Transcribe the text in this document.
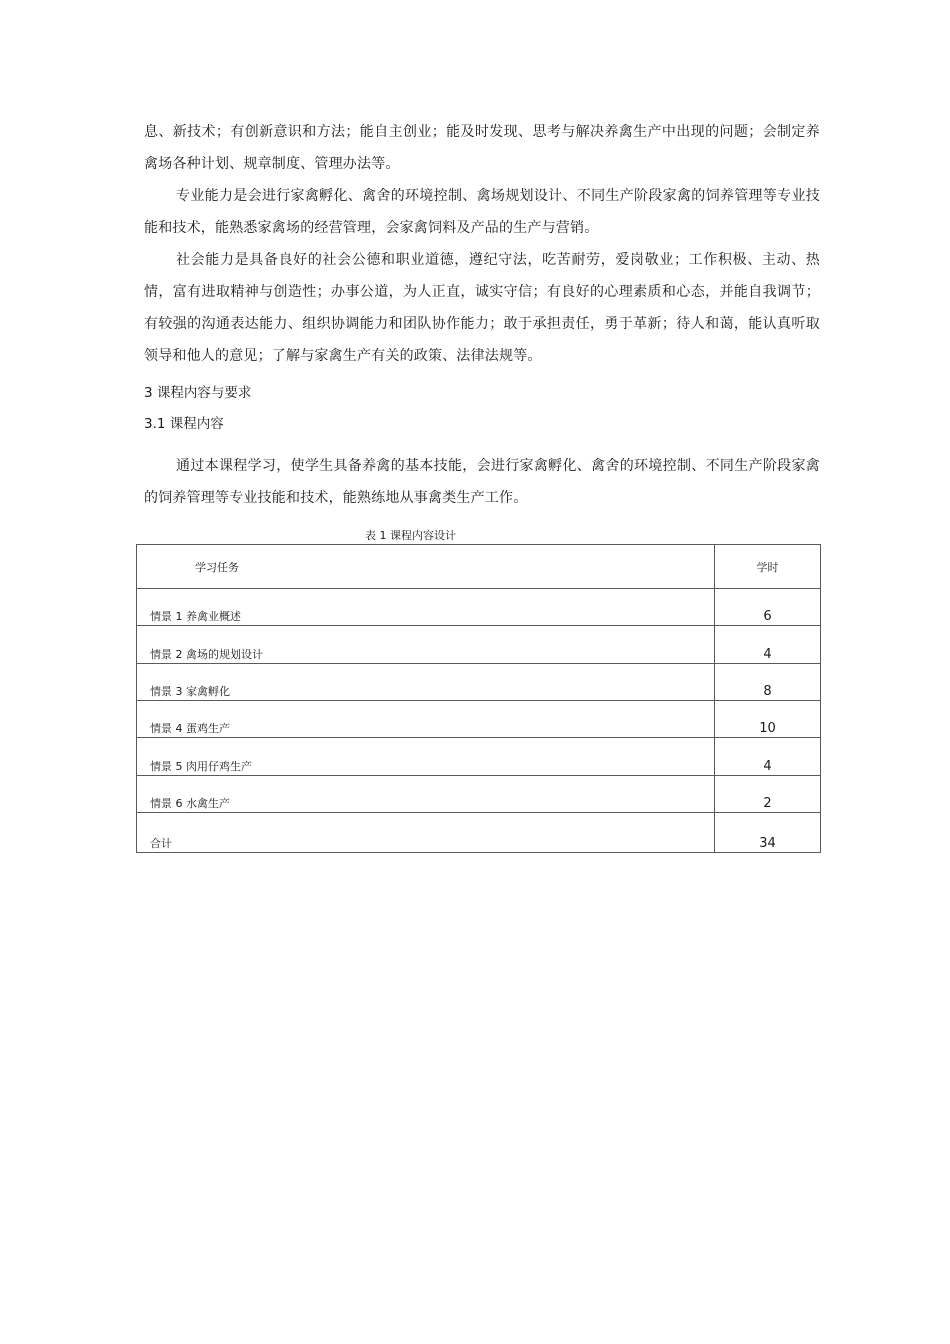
息、新技术；有创新意识和方法；能自主创业；能及时发现、思考与解决养禽生产中出现的问题；会制定养禽场各种计划、规章制度、管理办法等。

专业能力是会进行家禽孵化、禽舍的环境控制、禽场规划设计、不同生产阶段家禽的饲养管理等专业技能和技术，能熟悉家禽场的经营管理，会家禽饲料及产品的生产与营销。

社会能力是具备良好的社会公德和职业道德，遵纪守法，吃苦耐劳，爱岗敬业；工作积极、主动、热情，富有进取精神与创造性；办事公道，为人正直，诚实守信；有良好的心理素质和心态，并能自我调节；有较强的沟通表达能力、组织协调能力和团队协作能力；敢于承担责任，勇于革新；待人和蔼，能认真听取领导和他人的意见；了解与家禽生产有关的政策、法律法规等。

3 课程内容与要求

3.1 课程内容

通过本课程学习，使学生具备养禽的基本技能，会进行家禽孵化、禽舍的环境控制、不同生产阶段家禽的饲养管理等专业技能和技术，能熟练地从事禽类生产工作。

表 1 课程内容设计

学习任务	学时
情景 1 养禽业概述	6
情景 2 禽场的规划设计	4
情景 3 家禽孵化	8
情景 4 蛋鸡生产	10
情景 5 肉用仔鸡生产	4
情景 6 水禽生产	2
合计	34
